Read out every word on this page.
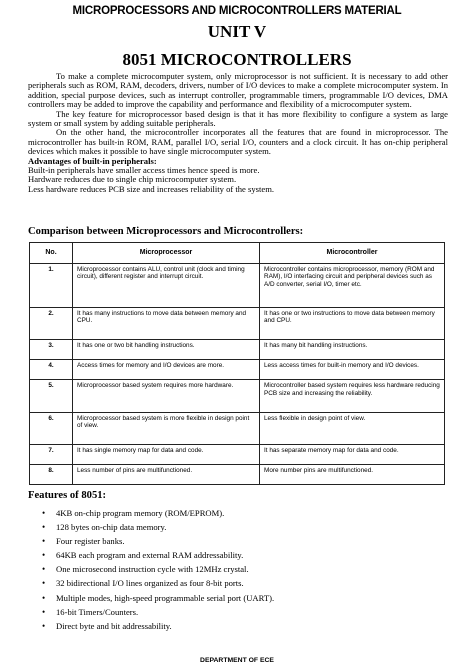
MICROPROCESSORS AND MICROCONTROLLERS MATERIAL
UNIT V
8051 MICROCONTROLLERS

To make a complete microcomputer system, only microprocessor is not sufficient. It is necessary to add other peripherals such as ROM, RAM, decoders, drivers, number of I/O devices to make a complete microcomputer system. In addition, special purpose devices, such as interrupt controller, programmable timers, programmable I/O devices, DMA controllers may be added to improve the capability and performance and flexibility of a microcomputer system.

The key feature for microprocessor based design is that it has more flexibility to configure a system as large system or small system by adding suitable peripherals.

On the other hand, the microcontroller incorporates all the features that are found in microprocessor. The microcontroller has built-in ROM, RAM, parallel I/O, serial I/O, counters and a clock circuit. It has on-chip peripheral devices which makes it possible to have single microcomputer system.

Advantages of built-in peripherals:
Built-in peripherals have smaller access times hence speed is more.
Hardware reduces due to single chip microcomputer system.
Less hardware reduces PCB size and increases reliability of the system.
Comparison between Microprocessors and Microcontrollers:
No.	Microprocessor	Microcontroller
1.	Microprocessor contains ALU, control unit (clock and timing circuit), different register and interrupt circuit.	Microcontroller contains microprocessor, memory (ROM and RAM), I/O interfacing circuit and peripheral devices such as A/D converter, serial I/O, timer etc.
2.	It has many instructions to move data between memory and CPU.	It has one or two instructions to move data between memory and CPU.
3.	It has one or two bit handling instructions.	It has many bit handling instructions.
4.	Access times for memory and I/O devices are more.	Less access times for built-in memory and I/O devices.
5.	Microprocessor based system requires more hardware.	Microcontroller based system requires less hardware reducing PCB size and increasing the reliability.
6.	Microprocessor based system is more flexible in design point of view.	Less flexible in design point of view.
7.	It has single memory map for data and code.	It has separate memory map for data and code.
8.	Less number of pins are multifunctioned.	More number pins are multifunctioned.
Features of 8051:
• 4KB on-chip program memory (ROM/EPROM).
• 128 bytes on-chip data memory.
• Four register banks.
• 64KB each program and external RAM addressability.
• One microsecond instruction cycle with 12MHz crystal.
• 32 bidirectional I/O lines organized as four 8-bit ports.
• Multiple modes, high-speed programmable serial port (UART).
• 16-bit Timers/Counters.
• Direct byte and bit addressability.
DEPARTMENT OF ECE
